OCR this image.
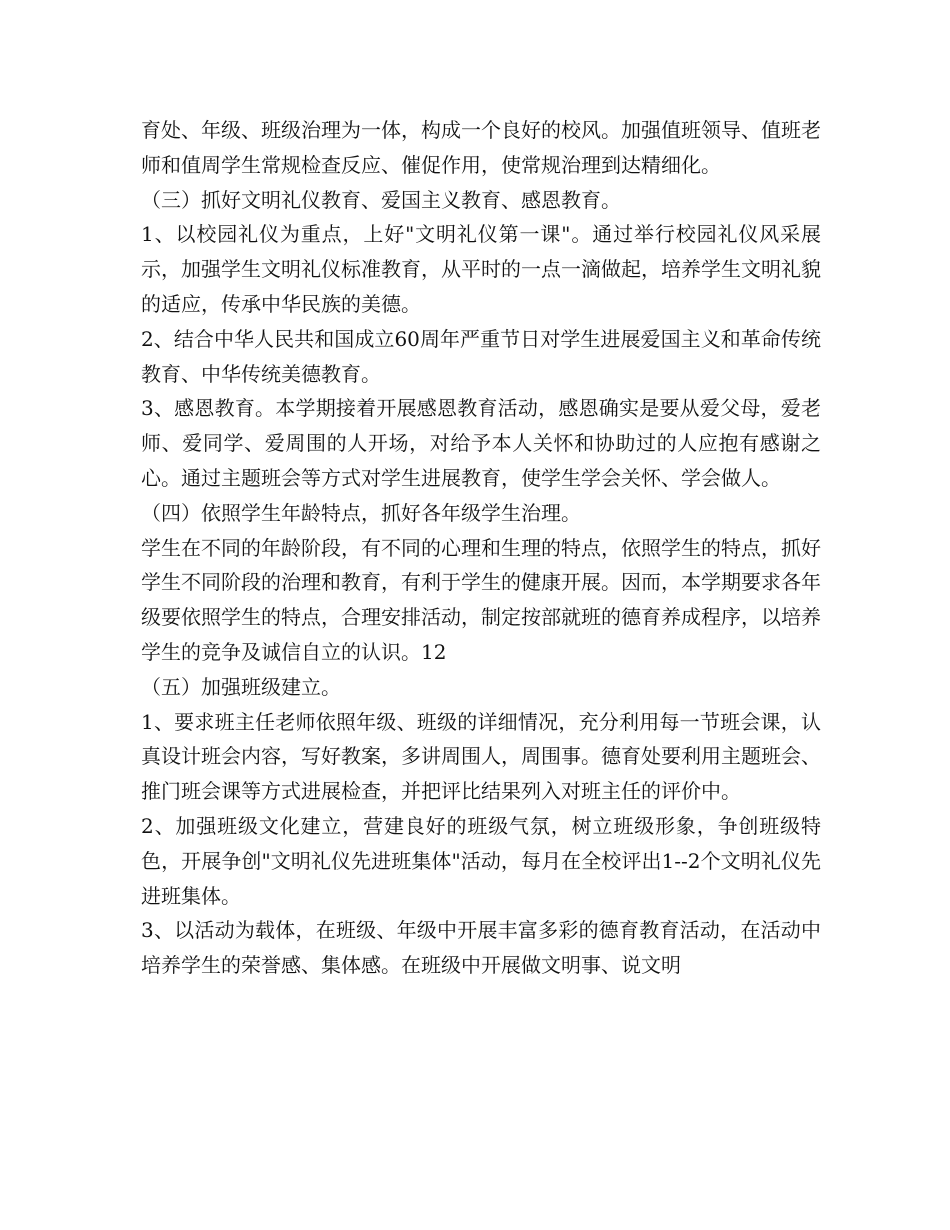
育处、年级、班级治理为一体，构成一个良好的校风。加强值班领导、值班老师和值周学生常规检查反应、催促作用，使常规治理到达精细化。

（三）抓好文明礼仪教育、爱国主义教育、感恩教育。

1、以校园礼仪为重点，上好"文明礼仪第一课"。通过举行校园礼仪风采展示，加强学生文明礼仪标准教育，从平时的一点一滴做起，培养学生文明礼貌的适应，传承中华民族的美德。

2、结合中华人民共和国成立60周年严重节日对学生进展爱国主义和革命传统教育、中华传统美德教育。

3、感恩教育。本学期接着开展感恩教育活动，感恩确实是要从爱父母，爱老师、爱同学、爱周围的人开场，对给予本人关怀和协助过的人应抱有感谢之心。通过主题班会等方式对学生进展教育，使学生学会关怀、学会做人。

（四）依照学生年龄特点，抓好各年级学生治理。

学生在不同的年龄阶段，有不同的心理和生理的特点，依照学生的特点，抓好学生不同阶段的治理和教育，有利于学生的健康开展。因而，本学期要求各年级要依照学生的特点，合理安排活动，制定按部就班的德育养成程序，以培养学生的竞争及诚信自立的认识。12

（五）加强班级建立。

1、要求班主任老师依照年级、班级的详细情况，充分利用每一节班会课，认真设计班会内容，写好教案，多讲周围人，周围事。德育处要利用主题班会、推门班会课等方式进展检查，并把评比结果列入对班主任的评价中。

2、加强班级文化建立，营建良好的班级气氛，树立班级形象，争创班级特色，开展争创"文明礼仪先进班集体"活动，每月在全校评出1--2个文明礼仪先进班集体。

3、以活动为载体，在班级、年级中开展丰富多彩的德育教育活动，在活动中培养学生的荣誉感、集体感。在班级中开展做文明事、说文明
